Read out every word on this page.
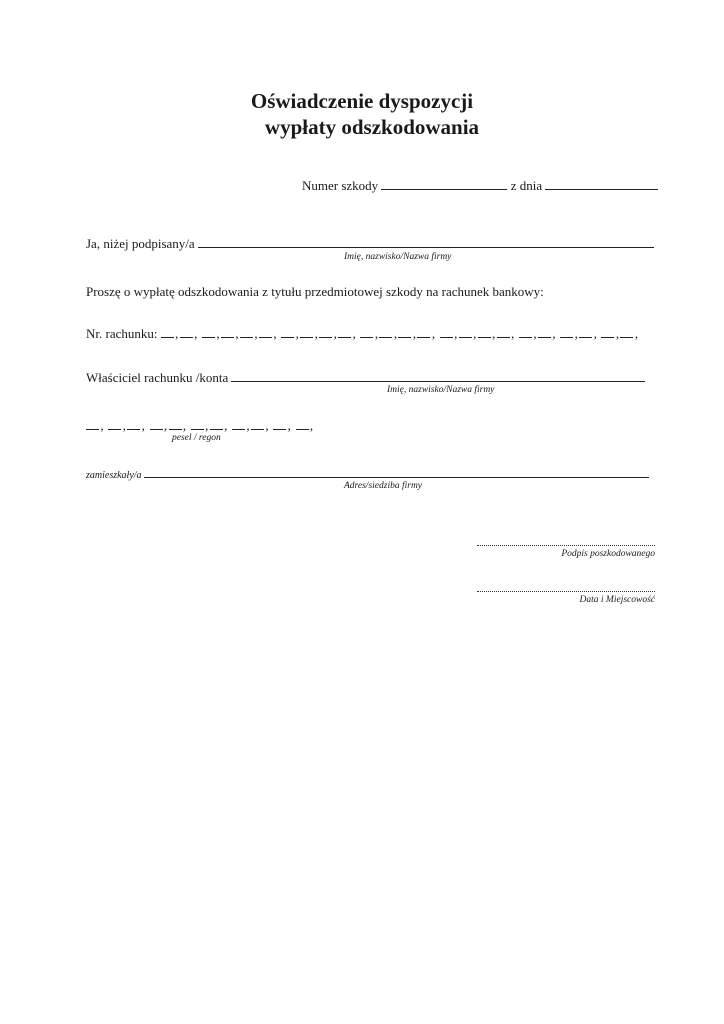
Oświadczenie dyspozycji
wypłaty odszkodowania
Numer szkody	z dnia
Ja, niżej podpisany/a
Imię, nazwisko/Nazwa firmy
Proszę o wypłatę odszkodowania z tytułu przedmiotowej szkody na rachunek bankowy:
Nr. rachunku: , , , , , , , , , , , , , , , , , , , , , , , ,
Właściciel rachunku /konta
Imię, nazwisko/Nazwa firmy
, , , , , , , , , , ,
pesel / regon
zamieszkały/a
Adres/siedziba firmy
Podpis poszkodowanego
Data i Miejscowość
